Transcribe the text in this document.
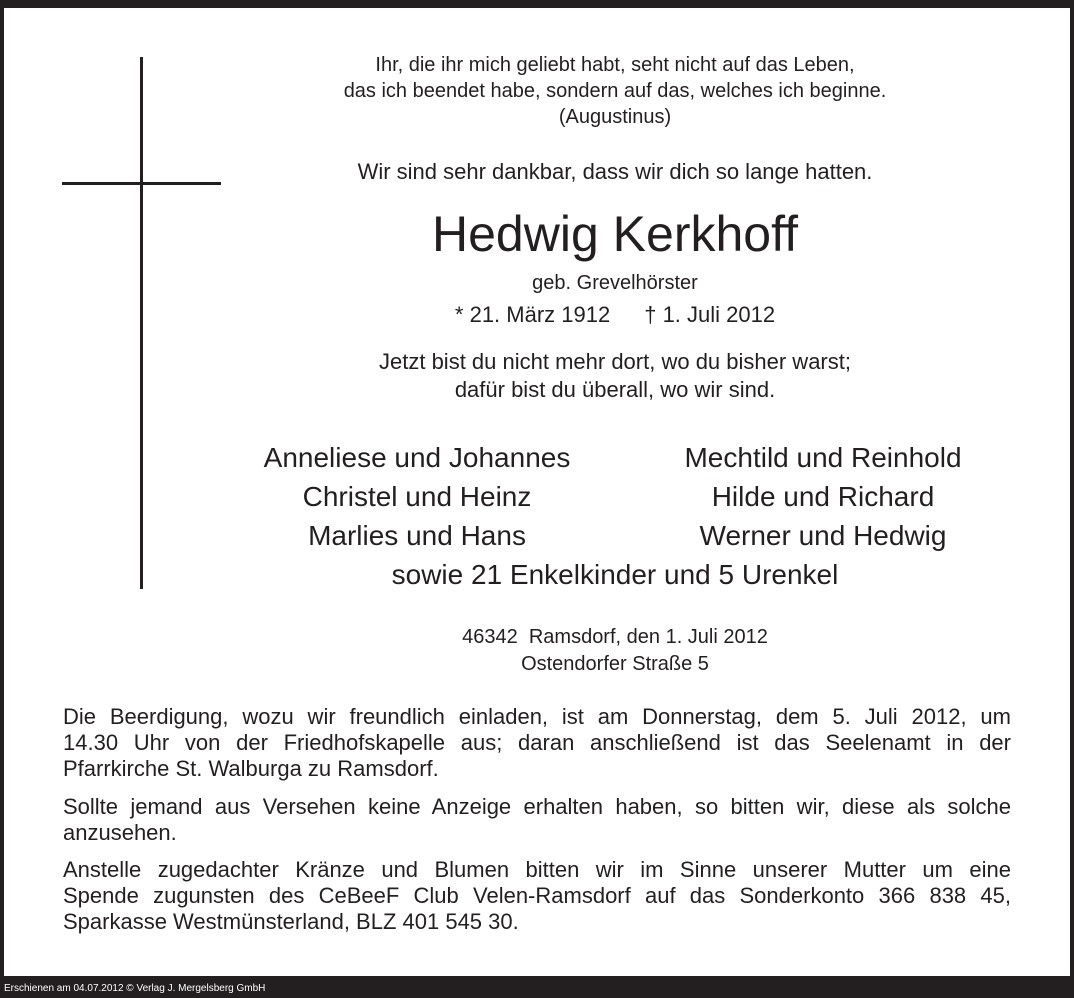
Ihr, die ihr mich geliebt habt, seht nicht auf das Leben,
das ich beendet habe, sondern auf das, welches ich beginne.
(Augustinus)
Wir sind sehr dankbar, dass wir dich so lange hatten.
Hedwig Kerkhoff
geb. Grevelhörster
* 21. März 1912 † 1. Juli 2012
Jetzt bist du nicht mehr dort, wo du bisher warst;
dafür bist du überall, wo wir sind.
Anneliese und Johannes
Christel und Heinz
Marlies und Hans
Mechtild und Reinhold
Hilde und Richard
Werner und Hedwig
sowie 21 Enkelkinder und 5 Urenkel
46342  Ramsdorf, den 1. Juli 2012
Ostendorfer Straße 5
Die Beerdigung, wozu wir freundlich einladen, ist am Donnerstag, dem 5. Juli 2012, um
14.30 Uhr von der Friedhofskapelle aus; daran anschließend ist das Seelenamt in der
Pfarrkirche St. Walburga zu Ramsdorf.
Sollte jemand aus Versehen keine Anzeige erhalten haben, so bitten wir, diese als solche
anzusehen.
Anstelle zugedachter Kränze und Blumen bitten wir im Sinne unserer Mutter um eine
Spende zugunsten des CeBeeF Club Velen-Ramsdorf auf das Sonderkonto 366 838 45,
Sparkasse Westmünsterland, BLZ 401 545 30.
Erschienen am 04.07.2012 © Verlag J. Mergelsberg GmbH
